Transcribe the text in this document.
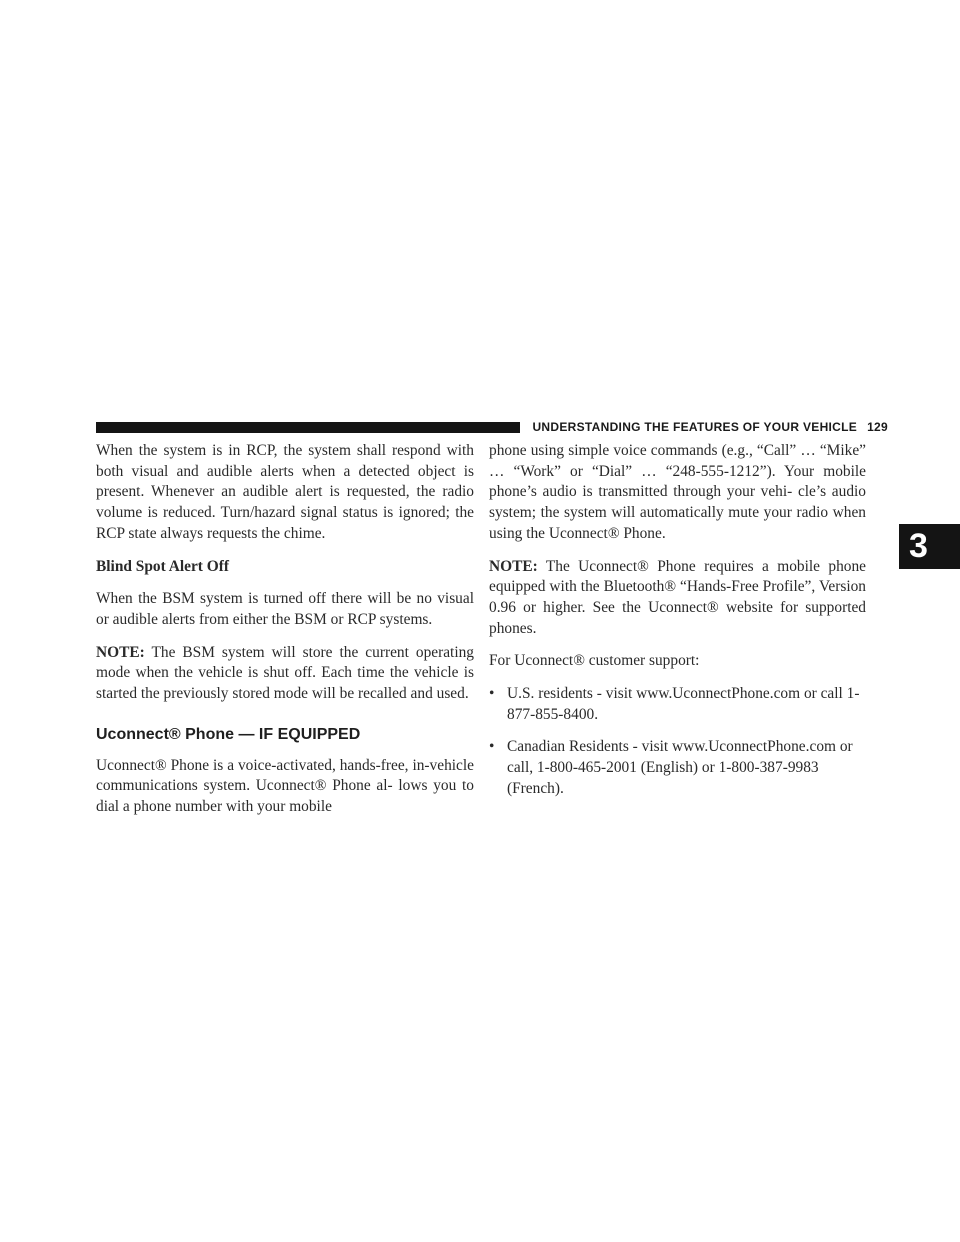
UNDERSTANDING THE FEATURES OF YOUR VEHICLE 129
3

When the system is in RCP, the system shall respond with both visual and audible alerts when a detected object is present. Whenever an audible alert is requested, the radio volume is reduced. Turn/hazard signal status is ignored; the RCP state always requests the chime.

Blind Spot Alert Off

When the BSM system is turned off there will be no visual or audible alerts from either the BSM or RCP systems.

NOTE: The BSM system will store the current operating mode when the vehicle is shut off. Each time the vehicle is started the previously stored mode will be recalled and used.

Uconnect® Phone — IF EQUIPPED

Uconnect® Phone is a voice-activated, hands-free, in-vehicle communications system. Uconnect® Phone al- lows you to dial a phone number with your mobile

phone using simple voice commands (e.g., “Call” … “Mike” … “Work” or “Dial” … “248-555-1212”). Your mobile phone’s audio is transmitted through your vehi- cle’s audio system; the system will automatically mute your radio when using the Uconnect® Phone.

NOTE: The Uconnect® Phone requires a mobile phone equipped with the Bluetooth® “Hands-Free Profile”, Version 0.96 or higher. See the Uconnect® website for supported phones.

For Uconnect® customer support:

• U.S. residents - visit www.UconnectPhone.com or call 1-877-855-8400.
• Canadian Residents - visit www.UconnectPhone.com or call, 1-800-465-2001 (English) or 1-800-387-9983 (French).
